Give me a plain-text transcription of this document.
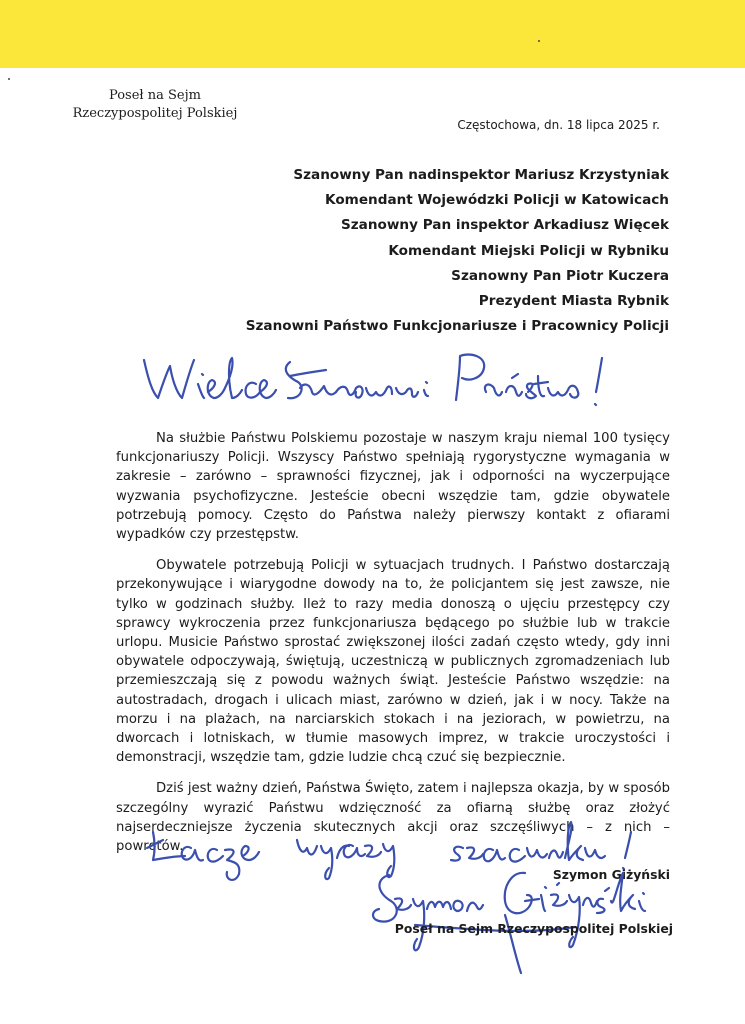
Poseł na Sejm
Rzeczypospolitej Polskiej
Częstochowa, dn. 18 lipca 2025 r.
Szanowny Pan nadinspektor Mariusz Krzystyniak
Komendant Wojewódzki Policji w Katowicach
Szanowny Pan inspektor Arkadiusz Więcek
Komendant Miejski Policji w Rybniku
Szanowny Pan Piotr Kuczera
Prezydent Miasta Rybnik
Szanowni Państwo Funkcjonariusze i Pracownicy Policji

Na służbie Państwu Polskiemu pozostaje w naszym kraju niemal 100 tysięcy funkcjonariuszy Policji. Wszyscy Państwo spełniają rygorystyczne wymagania w zakresie – zarówno – sprawności fizycznej, jak i odporności na wyczerpujące wyzwania psychofizyczne. Jesteście obecni wszędzie tam, gdzie obywatele potrzebują pomocy. Często do Państwa należy pierwszy kontakt z ofiarami wypadków czy przestępstw.

Obywatele potrzebują Policji w sytuacjach trudnych. I Państwo dostarczają przekonywujące i wiarygodne dowody na to, że policjantem się jest zawsze, nie tylko w godzinach służby. Ileż to razy media donoszą o ujęciu przestępcy czy sprawcy wykroczenia przez funkcjonariusza będącego po służbie lub w trakcie urlopu. Musicie Państwo sprostać zwiększonej ilości zadań często wtedy, gdy inni obywatele odpoczywają, świętują, uczestniczą w publicznych zgromadzeniach lub przemieszczają się z powodu ważnych świąt. Jesteście Państwo wszędzie: na autostradach, drogach i ulicach miast, zarówno w dzień, jak i w nocy. Także na morzu i na plażach, na narciarskich stokach i na jeziorach, w powietrzu, na dworcach i lotniskach, w tłumie masowych imprez, w trakcie uroczystości i demonstracji, wszędzie tam, gdzie ludzie chcą czuć się bezpiecznie.

Dziś jest ważny dzień, Państwa Święto, zatem i najlepsza okazja, by w sposób szczególny wyrazić Państwu wdzięczność za ofiarną służbę oraz złożyć najserdeczniejsze życzenia skutecznych akcji oraz szczęśliwych – z nich – powrotów.

Szymon Giżyński
Poseł na Sejm Rzeczypospolitej Polskiej
